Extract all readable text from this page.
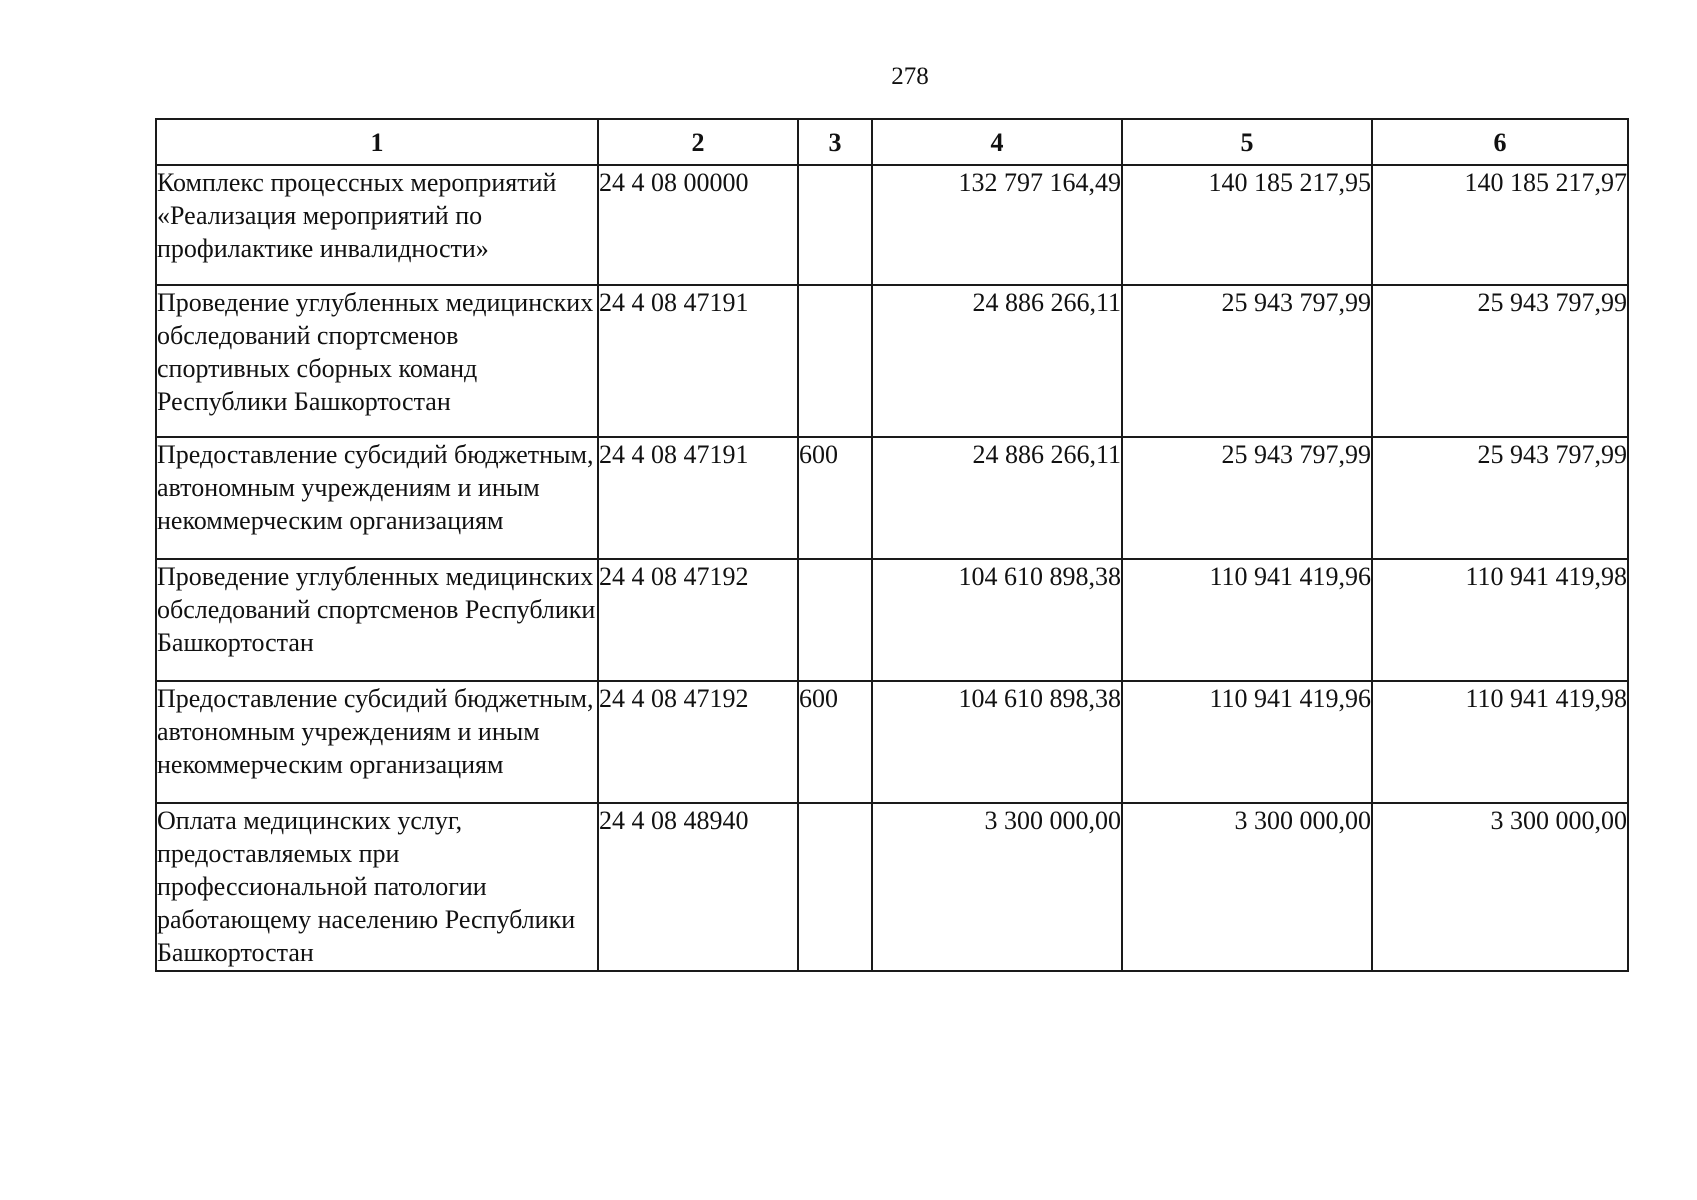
278
1	2	3	4	5	6
Комплекс процессных мероприятий «Реализация мероприятий по профилактике инвалидности»	24 4 08 00000		132 797 164,49	140 185 217,95	140 185 217,97
Проведение углубленных медицинских обследований спортсменов спортивных сборных команд Республики Башкортостан	24 4 08 47191		24 886 266,11	25 943 797,99	25 943 797,99
Предоставление субсидий бюджетным, автономным учреждениям и иным некоммерческим организациям	24 4 08 47191	600	24 886 266,11	25 943 797,99	25 943 797,99
Проведение углубленных медицинских обследований спортсменов Республики Башкортостан	24 4 08 47192		104 610 898,38	110 941 419,96	110 941 419,98
Предоставление субсидий бюджетным, автономным учреждениям и иным некоммерческим организациям	24 4 08 47192	600	104 610 898,38	110 941 419,96	110 941 419,98
Оплата медицинских услуг, предоставляемых при профессиональной патологии работающему населению Республики Башкортостан	24 4 08 48940		3 300 000,00	3 300 000,00	3 300 000,00
